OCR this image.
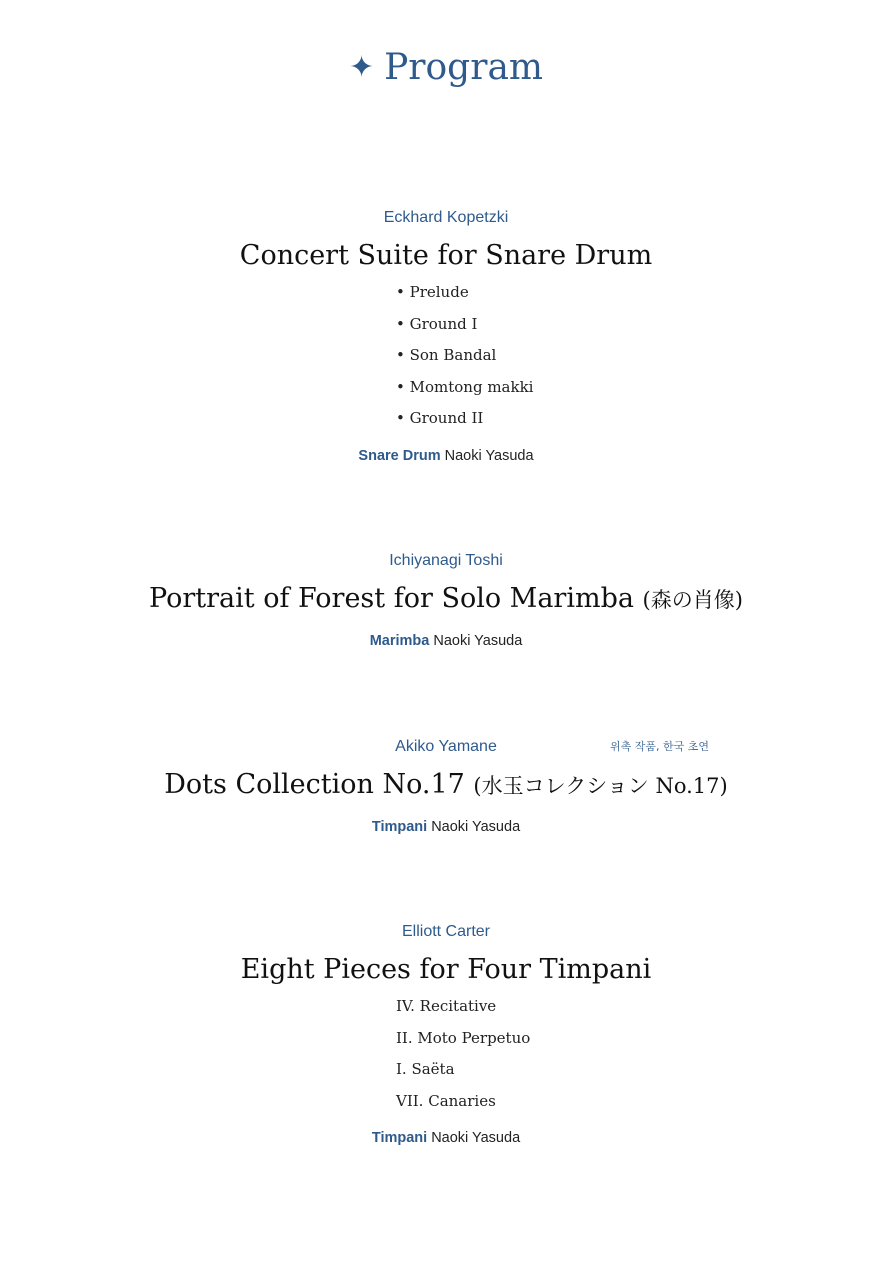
✦ Program
Eckhard Kopetzki
Concert Suite for Snare Drum
• Prelude
• Ground I
• Son Bandal
• Momtong makki
• Ground II
Snare Drum Naoki Yasuda
Ichiyanagi Toshi
Portrait of Forest for Solo Marimba (森の肖像)
Marimba Naoki Yasuda
Akiko Yamane	위촉 작품, 한국 초연
Dots Collection No.17 (水玉コレクション No.17)
Timpani Naoki Yasuda
Elliott Carter
Eight Pieces for Four Timpani
IV. Recitative
II. Moto Perpetuo
I. Saëta
VII. Canaries
Timpani Naoki Yasuda
